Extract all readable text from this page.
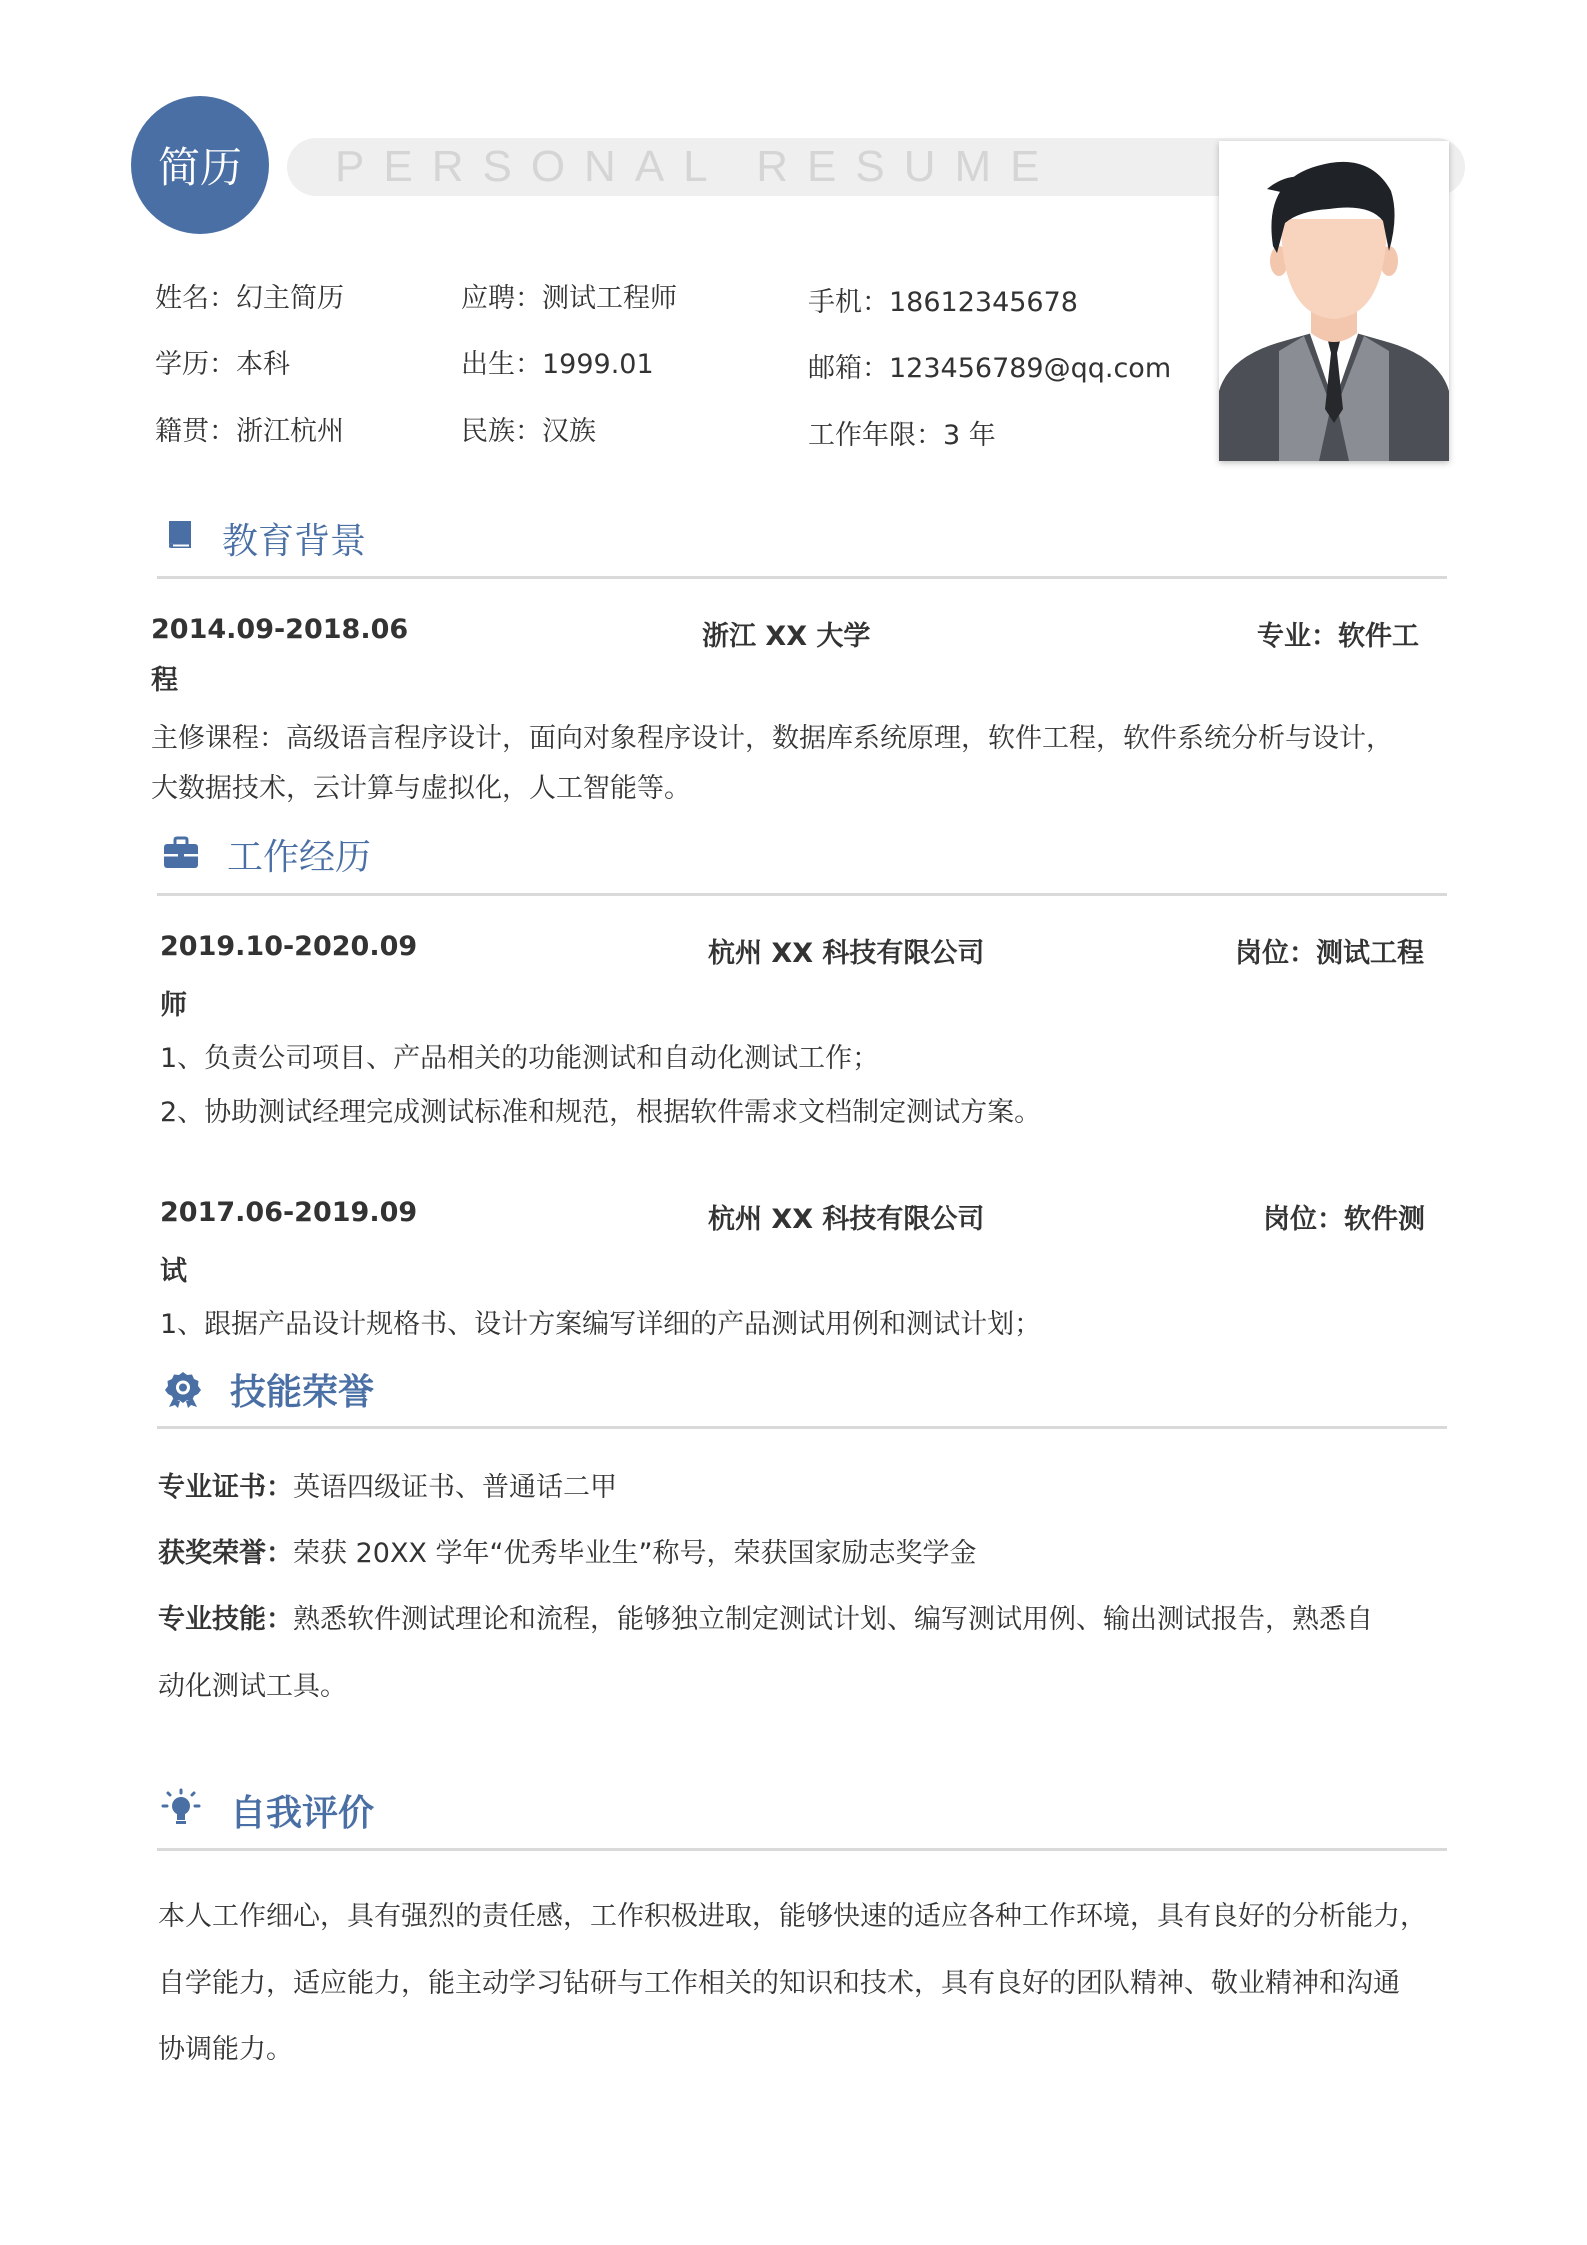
简历	PERSONAL RESUME
姓名：幻主简历	应聘：测试工程师	手机：18612345678
学历：本科	出生：1999.01	邮箱：123456789@qq.com
籍贯：浙江杭州	民族：汉族	工作年限：3 年
教育背景
2014.09-2018.06	浙江 XX 大学	专业：软件工
程
主修课程：高级语言程序设计，面向对象程序设计，数据库系统原理，软件工程，软件系统分析与设计，
大数据技术，云计算与虚拟化，人工智能等。
工作经历
2019.10-2020.09	杭州 XX 科技有限公司	岗位：测试工程
师
1、负责公司项目、产品相关的功能测试和自动化测试工作；
2、协助测试经理完成测试标准和规范，根据软件需求文档制定测试方案。
2017.06-2019.09	杭州 XX 科技有限公司	岗位：软件测
试
1、跟据产品设计规格书、设计方案编写详细的产品测试用例和测试计划；
技能荣誉
专业证书：英语四级证书、普通话二甲
获奖荣誉：荣获 20XX 学年“优秀毕业生”称号，荣获国家励志奖学金
专业技能：熟悉软件测试理论和流程，能够独立制定测试计划、编写测试用例、输出测试报告，熟悉自
动化测试工具。
自我评价
本人工作细心，具有强烈的责任感，工作积极进取，能够快速的适应各种工作环境，具有良好的分析能力，
自学能力，适应能力，能主动学习钻研与工作相关的知识和技术，具有良好的团队精神、敬业精神和沟通
协调能力。
